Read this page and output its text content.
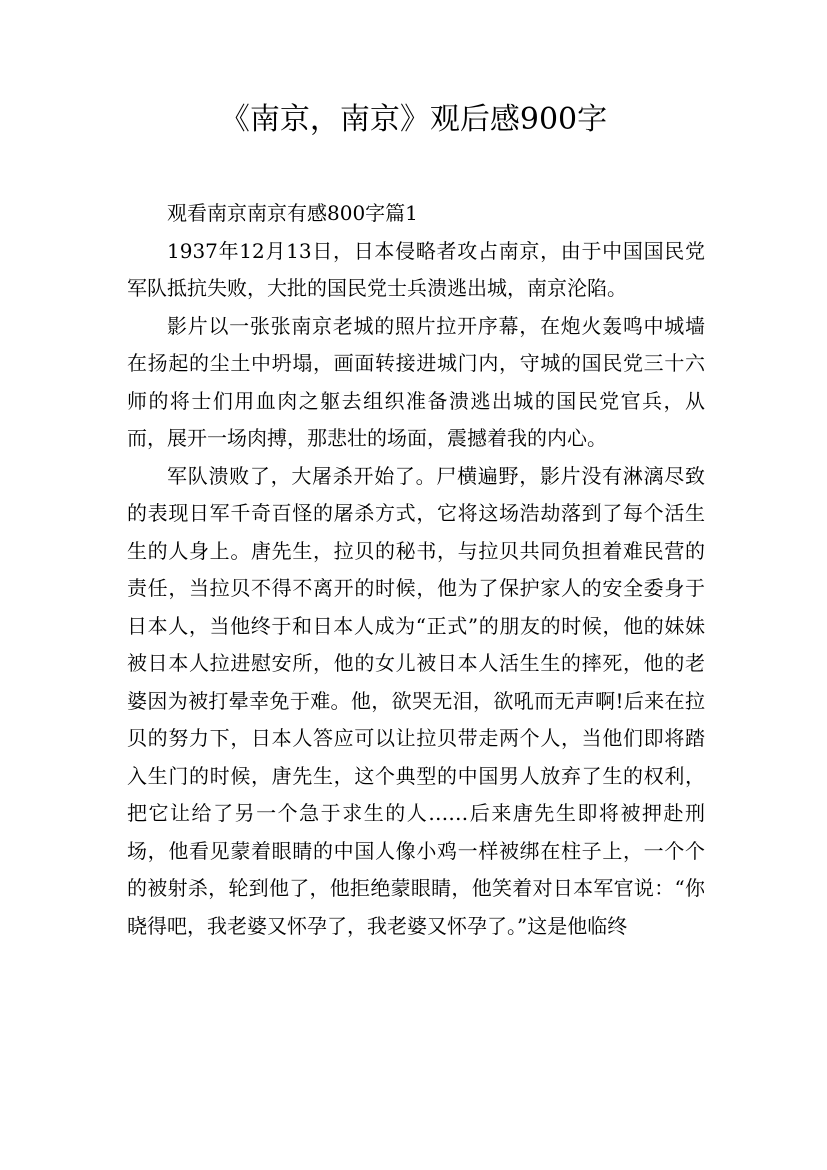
《南京，南京》观后感900字

观看南京南京有感800字篇1

1937年12月13日，日本侵略者攻占南京，由于中国国民党军队抵抗失败，大批的国民党士兵溃逃出城，南京沦陷。

影片以一张张南京老城的照片拉开序幕，在炮火轰鸣中城墙在扬起的尘土中坍塌，画面转接进城门内，守城的国民党三十六师的将士们用血肉之躯去组织准备溃逃出城的国民党官兵，从而，展开一场肉搏，那悲壮的场面，震撼着我的内心。

军队溃败了，大屠杀开始了。尸横遍野，影片没有淋漓尽致的表现日军千奇百怪的屠杀方式，它将这场浩劫落到了每个活生生的人身上。唐先生，拉贝的秘书，与拉贝共同负担着难民营的责任，当拉贝不得不离开的时候，他为了保护家人的安全委身于日本人，当他终于和日本人成为“正式”的朋友的时候，他的妹妹被日本人拉进慰安所，他的女儿被日本人活生生的摔死，他的老婆因为被打晕幸免于难。他，欲哭无泪，欲吼而无声啊!后来在拉贝的努力下，日本人答应可以让拉贝带走两个人，当他们即将踏入生门的时候，唐先生，这个典型的中国男人放弃了生的权利，把它让给了另一个急于求生的人……后来唐先生即将被押赴刑场，他看见蒙着眼睛的中国人像小鸡一样被绑在柱子上，一个个的被射杀，轮到他了，他拒绝蒙眼睛，他笑着对日本军官说：“你晓得吧，我老婆又怀孕了，我老婆又怀孕了。”这是他临终
